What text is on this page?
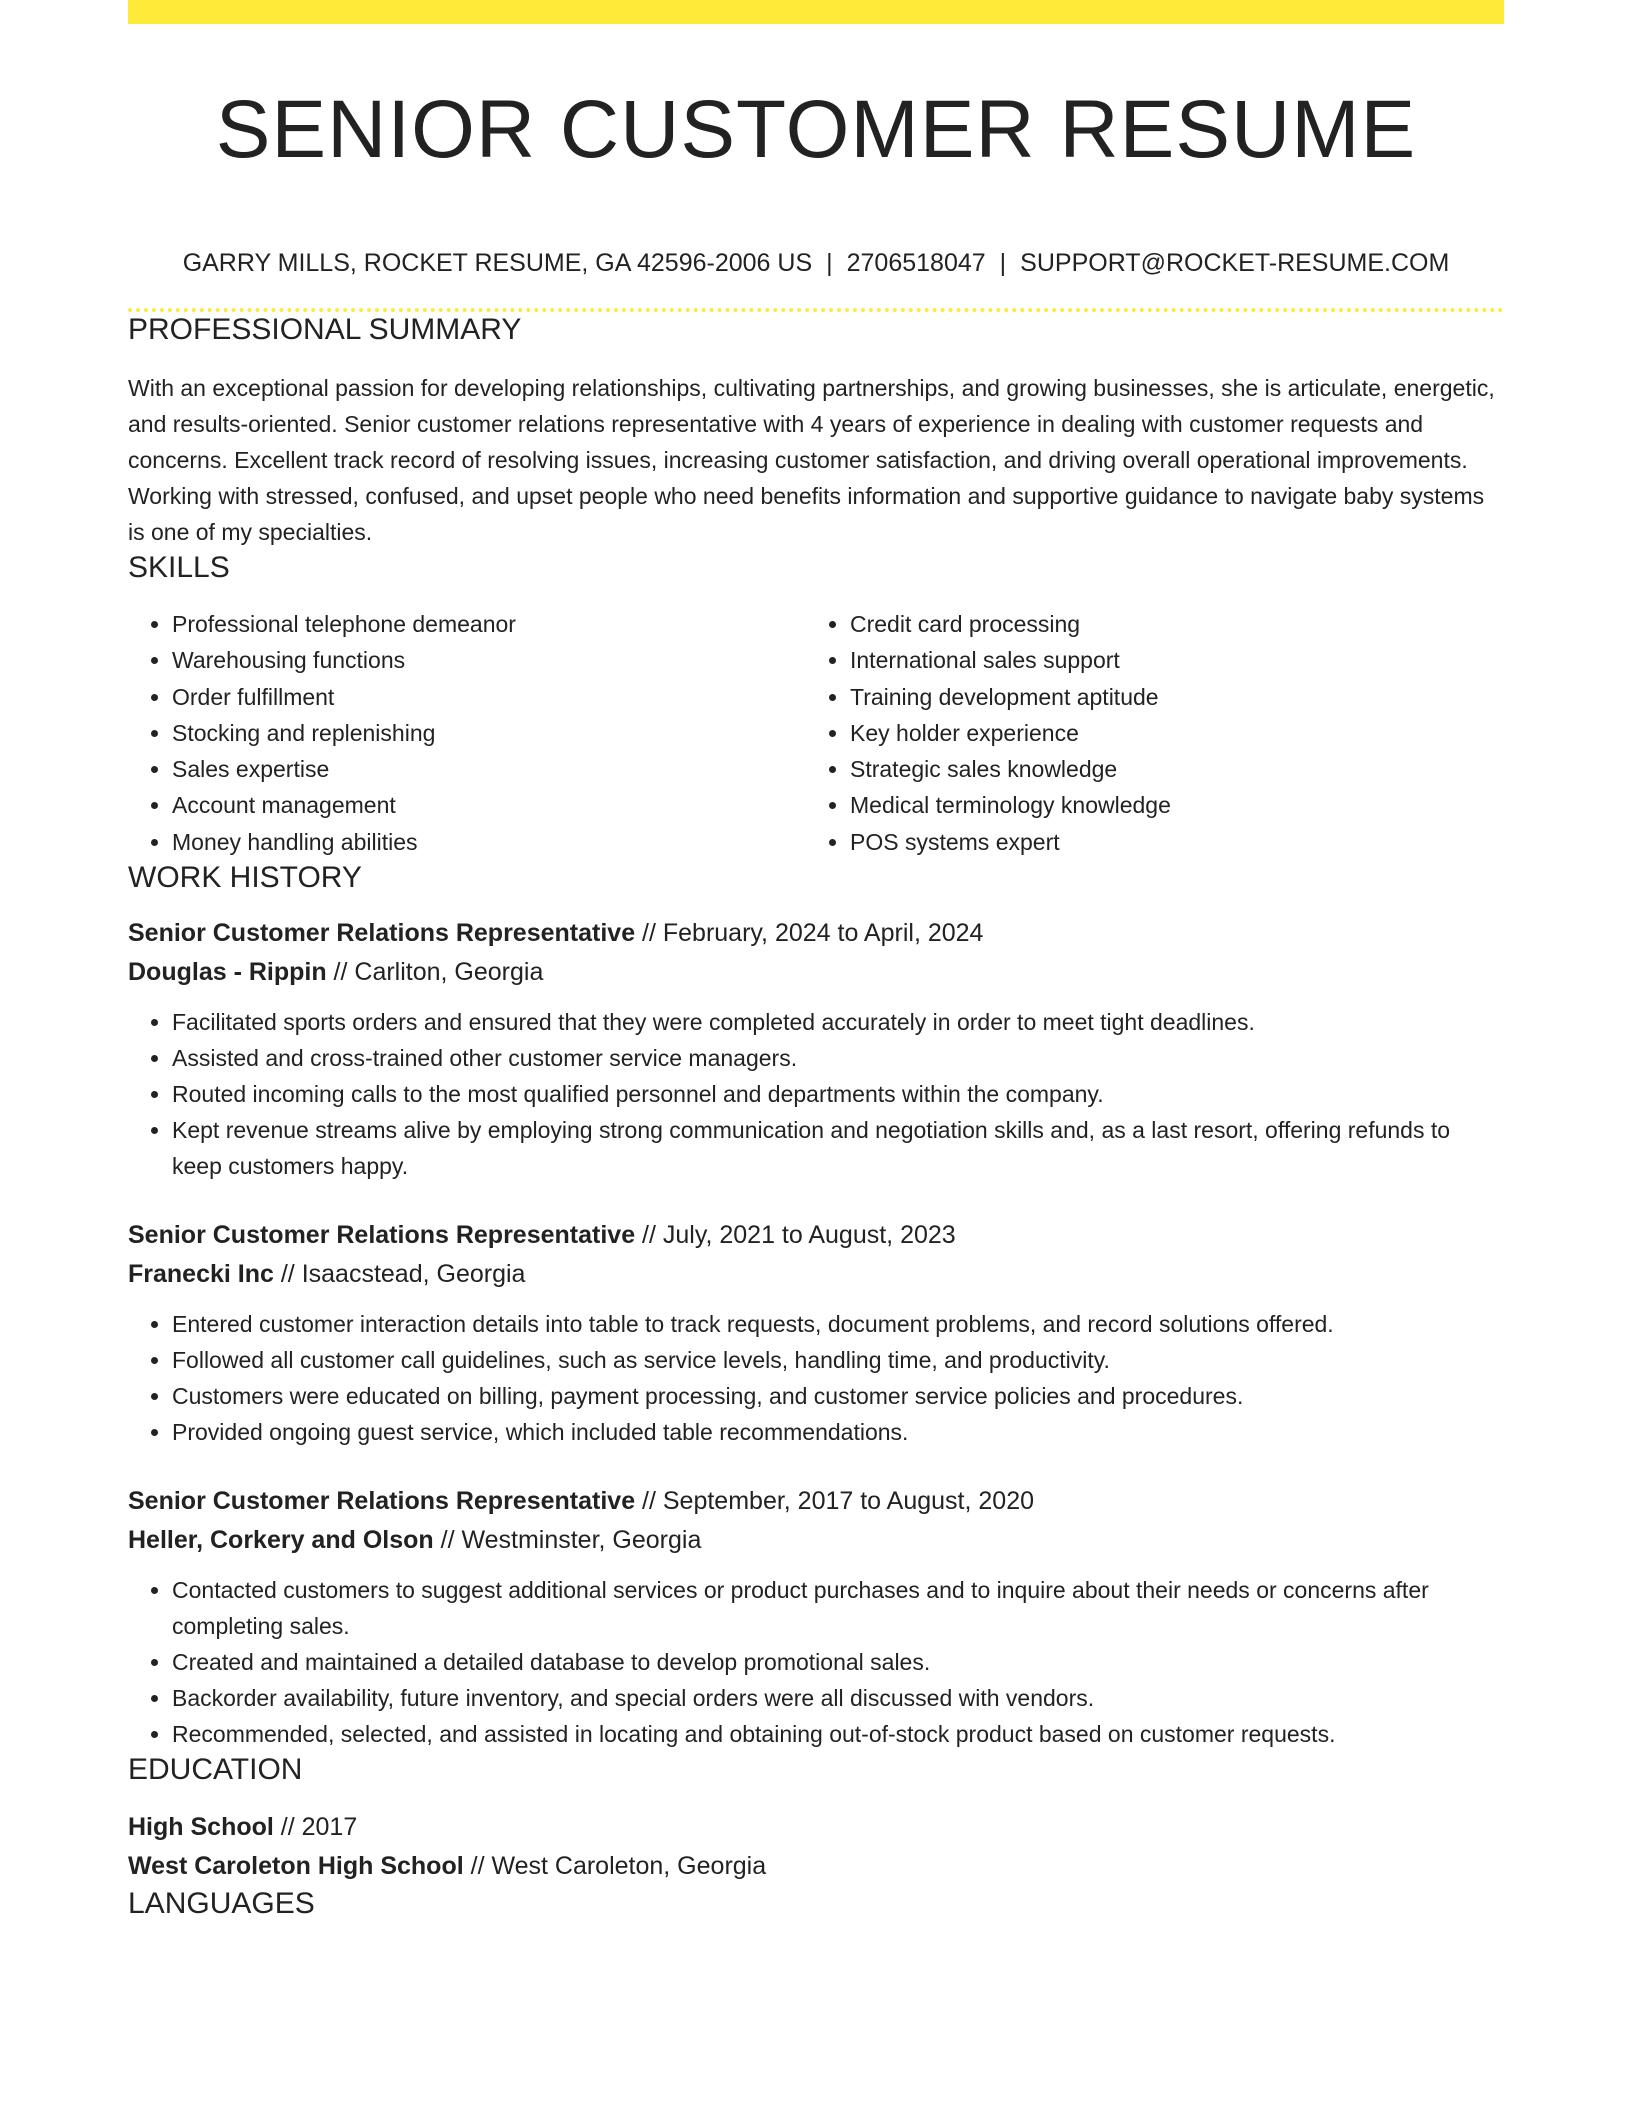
SENIOR CUSTOMER RESUME
GARRY MILLS, ROCKET RESUME, GA 42596-2006 US | 2706518047 | SUPPORT@ROCKET-RESUME.COM
PROFESSIONAL SUMMARY
With an exceptional passion for developing relationships, cultivating partnerships, and growing businesses, she is articulate, energetic, and results-oriented. Senior customer relations representative with 4 years of experience in dealing with customer requests and concerns. Excellent track record of resolving issues, increasing customer satisfaction, and driving overall operational improvements. Working with stressed, confused, and upset people who need benefits information and supportive guidance to navigate baby systems is one of my specialties.
SKILLS
• Professional telephone demeanor
• Warehousing functions
• Order fulfillment
• Stocking and replenishing
• Sales expertise
• Account management
• Money handling abilities
• Credit card processing
• International sales support
• Training development aptitude
• Key holder experience
• Strategic sales knowledge
• Medical terminology knowledge
• POS systems expert
WORK HISTORY
Senior Customer Relations Representative // February, 2024 to April, 2024
Douglas - Rippin // Carliton, Georgia
• Facilitated sports orders and ensured that they were completed accurately in order to meet tight deadlines.
• Assisted and cross-trained other customer service managers.
• Routed incoming calls to the most qualified personnel and departments within the company.
• Kept revenue streams alive by employing strong communication and negotiation skills and, as a last resort, offering refunds to keep customers happy.
Senior Customer Relations Representative // July, 2021 to August, 2023
Franecki Inc // Isaacstead, Georgia
• Entered customer interaction details into table to track requests, document problems, and record solutions offered.
• Followed all customer call guidelines, such as service levels, handling time, and productivity.
• Customers were educated on billing, payment processing, and customer service policies and procedures.
• Provided ongoing guest service, which included table recommendations.
Senior Customer Relations Representative // September, 2017 to August, 2020
Heller, Corkery and Olson // Westminster, Georgia
• Contacted customers to suggest additional services or product purchases and to inquire about their needs or concerns after completing sales.
• Created and maintained a detailed database to develop promotional sales.
• Backorder availability, future inventory, and special orders were all discussed with vendors.
• Recommended, selected, and assisted in locating and obtaining out-of-stock product based on customer requests.
EDUCATION
High School // 2017
West Caroleton High School // West Caroleton, Georgia
LANGUAGES
